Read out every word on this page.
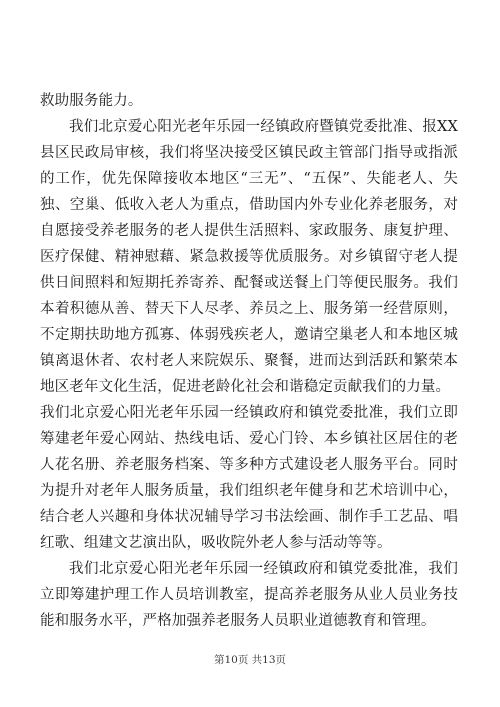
救助服务能力。

我们北京爱心阳光老年乐园一经镇政府暨镇党委批准、报XX县区民政局审核，我们将坚决接受区镇民政主管部门指导或指派的工作，优先保障接收本地区“三无”、“五保”、失能老人、失独、空巢、低收入老人为重点，借助国内外专业化养老服务，对自愿接受养老服务的老人提供生活照料、家政服务、康复护理、医疗保健、精神慰藉、紧急救援等优质服务。对乡镇留守老人提供日间照料和短期托养寄养、配餐或送餐上门等便民服务。我们本着积德从善、替天下人尽孝、养员之上、服务第一经营原则，不定期扶助地方孤寡、体弱残疾老人，邀请空巢老人和本地区城镇离退休者、农村老人来院娱乐、聚餐，进而达到活跃和繁荣本地区老年文化生活，促进老龄化社会和谐稳定贡献我们的力量。

我们北京爱心阳光老年乐园一经镇政府和镇党委批准，我们立即筹建老年爱心网站、热线电话、爱心门铃、本乡镇社区居住的老人花名册、养老服务档案、等多种方式建设老人服务平台。同时为提升对老年人服务质量，我们组织老年健身和艺术培训中心，结合老人兴趣和身体状况辅导学习书法绘画、制作手工艺品、唱红歌、组建文艺演出队，吸收院外老人参与活动等等。

我们北京爱心阳光老年乐园一经镇政府和镇党委批准，我们立即筹建护理工作人员培训教室，提高养老服务从业人员业务技能和服务水平，严格加强养老服务人员职业道德教育和管理。

第10页 共13页
